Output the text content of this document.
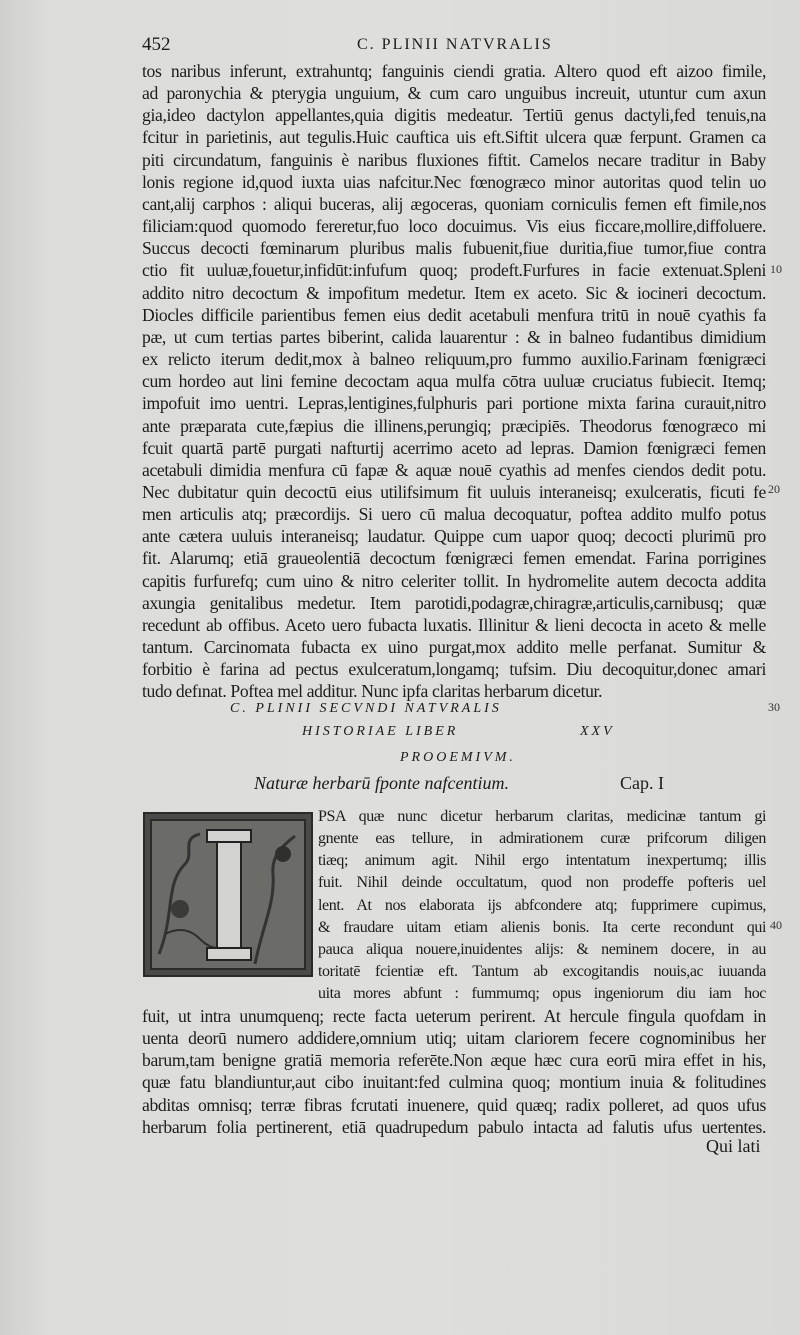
452	C. PLINII NATVRALIS
tos naribus inferunt, extrahuntq; fanguinis ciendi gratia. Altero quod eft aizoo fimile,
ad paronychia & pterygia unguium, & cum caro unguibus increuit, utuntur cum axun
gia,ideo dactylon appellantes,quia digitis medeatur. Tertiū genus dactyli,fed tenuis,na
fcitur in parietinis, aut tegulis.Huic cauftica uis eft.Siftit ulcera quæ ferpunt. Gramen ca
piti circundatum, fanguinis è naribus fluxiones fiftit. Camelos necare traditur in Baby
lonis regione id,quod iuxta uias nafcitur.Nec fœnogræco minor autoritas quod telin uo
cant,alij carphos : aliqui buceras, alij ægoceras, quoniam corniculis femen eft fimile,nos
filiciam:quod quomodo fereretur,fuo loco docuimus. Vis eius ficcare,mollire,diffoluere.
Succus decocti fœminarum pluribus malis fubuenit,fiue duritia,fiue tumor,fiue contra
ctio fit uuluæ,fouetur,infidūt:infufum quoq; prodeft.Furfures in facie extenuat.Spleni
addito nitro decoctum & impofitum medetur. Item ex aceto. Sic & iocineri decoctum.
Diocles difficile parientibus femen eius dedit acetabuli menfura tritū in nouē cyathis fa
pæ, ut cum tertias partes biberint, calida lauarentur : & in balneo fudantibus dimidium
ex relicto iterum dedit,mox à balneo reliquum,pro fummo auxilio.Farinam fœnigræci
cum hordeo aut lini femine decoctam aqua mulfa cōtra uuluæ cruciatus fubiecit. Itemq;
impofuit imo uentri. Lepras,lentigines,fulphuris pari portione mixta farina curauit,nitro
ante præparata cute,fæpius die illinens,perungiq; præcipiēs. Theodorus fœnogræco mi
fcuit quartā partē purgati nafturtij acerrimo aceto ad lepras. Damion fœnigræci femen
acetabuli dimidia menfura cū fapæ & aquæ nouē cyathis ad menfes ciendos dedit potu.
Nec dubitatur quin decoctū eius utilifsimum fit uuluis interaneisq; exulceratis, ficuti fe
men articulis atq; præcordijs. Si uero cū malua decoquatur, poftea addito mulfo potus
ante cætera uuluis interaneisq; laudatur. Quippe cum uapor quoq; decocti plurimū pro
fit. Alarumq; etiā graueolentiā decoctum fœnigræci femen emendat. Farina porrigines
capitis furfurefq; cum uino & nitro celeriter tollit. In hydromelite autem decocta addita
axungia genitalibus medetur. Item parotidi,podagræ,chiragræ,articulis,carnibusq; quæ
recedunt ab offibus. Aceto uero fubacta luxatis. Illinitur & lieni decocta in aceto & melle
tantum. Carcinomata fubacta ex uino purgat,mox addito melle perfanat. Sumitur &
forbitio è farina ad pectus exulceratum,longamq; tufsim. Diu decoquitur,donec amari
tudo defınat. Poftea mel additur. Nunc ipfa claritas herbarum dicetur.
10
20
30
40
C. PLINII SECVNDI NATVRALIS
HISTORIAE LIBER	XXV
PROOEMIVM.
Naturæ herbarū fponte nafcentium.	Cap. I
PSA quæ nunc dicetur herbarum claritas, medicinæ tantum gi
gnente eas tellure, in admirationem curæ prifcorum diligen
tiæq; animum agit. Nihil ergo intentatum inexpertumq; illis
fuit. Nihil deinde occultatum, quod non prodeffe pofteris uel
lent. At nos elaborata ijs abfcondere atq; fupprimere cupimus,
& fraudare uitam etiam alienis bonis. Ita certe recondunt qui
pauca aliqua nouere,inuidentes alijs: & neminem docere, in au
toritatē fcientiæ eft. Tantum ab excogitandis nouis,ac iuuanda
uita mores abfunt : fummumq; opus ingeniorum diu iam hoc
fuit, ut intra unumquenq; recte facta ueterum perirent. At hercule fingula quofdam in
uenta deorū numero addidere,omnium utiq; uitam clariorem fecere cognominibus her
barum,tam benigne gratiā memoria referēte.Non æque hæc cura eorū mira effet in his,
quæ fatu blandiuntur,aut cibo inuitant:fed culmina quoq; montium inuia & folitudines
abditas omnisq; terræ fibras fcrutati inuenere, quid quæq; radix polleret, ad quos ufus
herbarum folia pertinerent, etiā quadrupedum pabulo intacta ad falutis ufus uertentes.
Qui lati
